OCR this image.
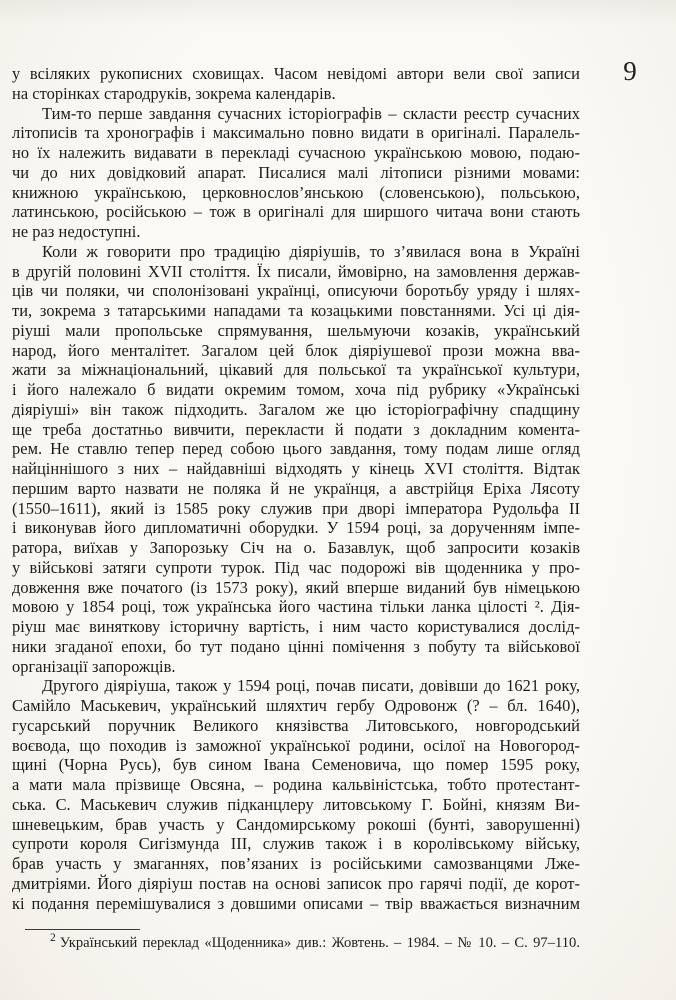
9
у всіляких рукописних сховищах. Часом невідомі автори вели свої записи
на сторінках стародруків, зокрема календарів.
Тим-то перше завдання сучасних історіографів – скласти реєстр сучасних
літописів та хронографів і максимально повно видати в оригіналі. Паралель-
но їх належить видавати в перекладі сучасною українською мовою, подаю-
чи до них довідковий апарат. Писалися малі літописи різними мовами:
книжною українською, церковнослов’янською (словенською), польською,
латинською, російською – тож в оригіналі для ширшого читача вони стають
не раз недоступні.
Коли ж говорити про традицію діяріушів, то з’явилася вона в Україні
в другій половині XVII століття. Їх писали, ймовірно, на замовлення держав-
ців чи поляки, чи сполонізовані українці, описуючи боротьбу уряду і шлях-
ти, зокрема з татарськими нападами та козацькими повстаннями. Усі ці дія-
ріуші мали пропольське спрямування, шельмуючи козаків, український
народ, його менталітет. Загалом цей блок діяріушевої прози можна вва-
жати за міжнаціональний, цікавий для польської та української культури,
і його належало б видати окремим томом, хоча під рубрику «Українські
діяріуші» він також підходить. Загалом же цю історіографічну спадщину
ще треба достатньо вивчити, перекласти й подати з докладним комента-
рем. Не ставлю тепер перед собою цього завдання, тому подам лише огляд
найціннішого з них – найдавніші відходять у кінець XVI століття. Відтак
першим варто назвати не поляка й не українця, а австрійця Еріха Лясоту
(1550–1611), який із 1585 року служив при дворі імператора Рудольфа II
і виконував його дипломатичні оборудки. У 1594 році, за дорученням імпе-
ратора, виїхав у Запорозьку Січ на о. Базавлук, щоб запросити козаків
у військові затяги супроти турок. Під час подорожі вів щоденника у про-
довження вже початого (із 1573 року), який вперше виданий був німецькою
мовою у 1854 році, тож українська його частина тільки ланка цілості ². Дія-
ріуш має виняткову історичну вартість, і ним часто користувалися дослід-
ники згаданої епохи, бо тут подано цінні помічення з побуту та військової
організації запорожців.
Другого діяріуша, також у 1594 році, почав писати, довівши до 1621 року,
Самійло Маськевич, український шляхтич гербу Одровонж (? – бл. 1640),
гусарський поручник Великого князівства Литовського, новгородський
воєвода, що походив із заможної української родини, осілої на Новогород-
щині (Чорна Русь), був сином Івана Семеновича, що помер 1595 року,
а мати мала прізвище Овсяна, – родина кальвіністська, тобто протестант-
ська. С. Маськевич служив підканцлеру литовському Г. Бойні, князям Ви-
шневецьким, брав участь у Сандомирському рокоші (бунті, заворушенні)
супроти короля Сигізмунда III, служив також і в королівському війську,
брав участь у змаганнях, пов’язаних із російськими самозванцями Лже-
дмитріями. Його діяріуш постав на основі записок про гарячі події, де корот-
кі подання перемішувалися з довшими описами – твір вважається визначним
$^2$ Український переклад «Щоденника» див.: Жовтень. – 1984. – № 10. – С. 97–110.
